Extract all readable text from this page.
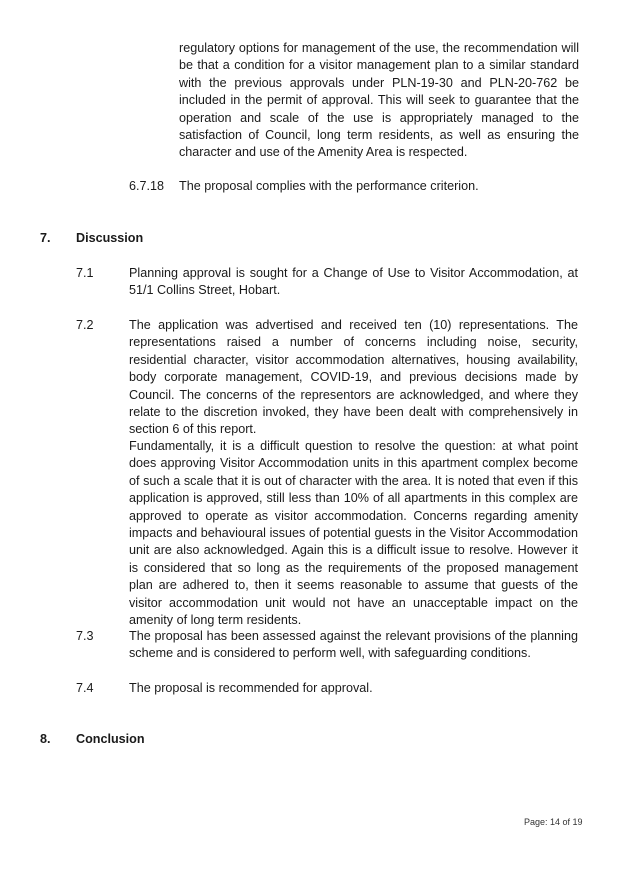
regulatory options for management of the use, the recommendation will be that a condition for a visitor management plan to a similar standard with the previous approvals under PLN-19-30 and PLN-20-762 be included in the permit of approval. This will seek to guarantee that the operation and scale of the use is appropriately managed to the satisfaction of Council, long term residents, as well as ensuring the character and use of the Amenity Area is respected.

6.7.18 The proposal complies with the performance criterion.

7. Discussion
7.1	Planning approval is sought for a Change of Use to Visitor Accommodation, at 51/1 Collins Street, Hobart.

7.2	The application was advertised and received ten (10) representations. The representations raised a number of concerns including noise, security, residential character, visitor accommodation alternatives, housing availability, body corporate management, COVID-19, and previous decisions made by Council. The concerns of the representors are acknowledged, and where they relate to the discretion invoked, they have been dealt with comprehensively in section 6 of this report.

Fundamentally, it is a difficult question to resolve the question: at what point does approving Visitor Accommodation units in this apartment complex become of such a scale that it is out of character with the area. It is noted that even if this application is approved, still less than 10% of all apartments in this complex are approved to operate as visitor accommodation. Concerns regarding amenity impacts and behavioural issues of potential guests in the Visitor Accommodation unit are also acknowledged. Again this is a difficult issue to resolve. However it is considered that so long as the requirements of the proposed management plan are adhered to, then it seems reasonable to assume that guests of the visitor accommodation unit would not have an unacceptable impact on the amenity of long term residents.

7.3	The proposal has been assessed against the relevant provisions of the planning scheme and is considered to perform well, with safeguarding conditions.

7.4	The proposal is recommended for approval.

8. Conclusion
Page: 14 of 19
